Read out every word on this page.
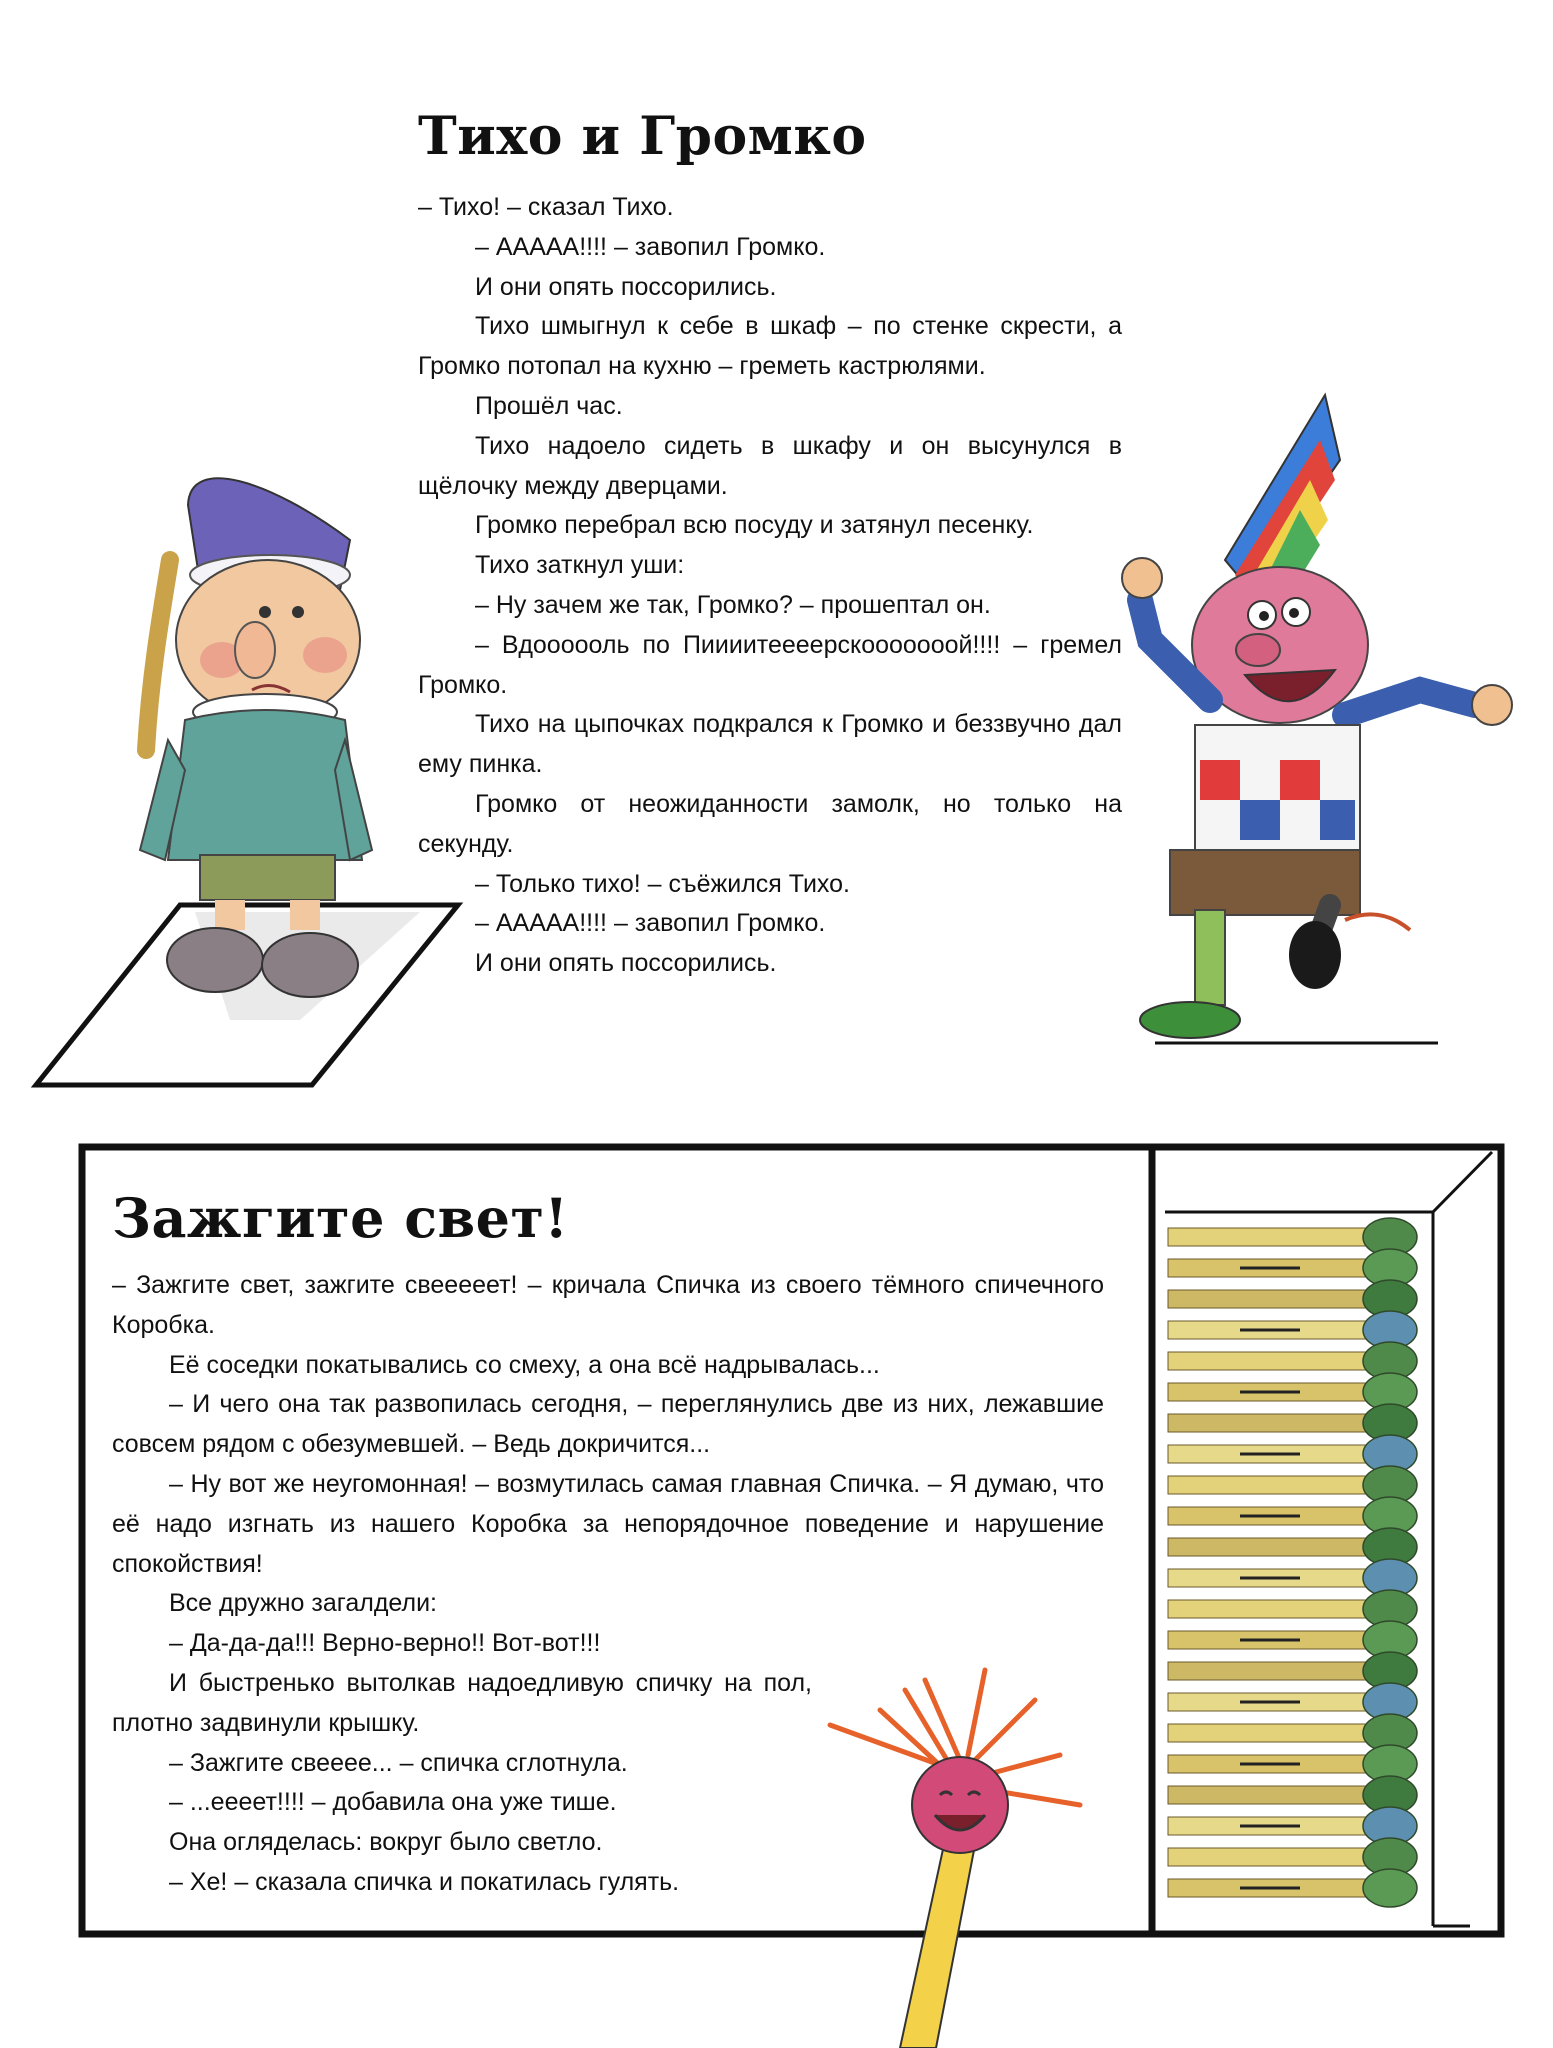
Тихо и Громко

– Тихо! – сказал Тихо.

– ААААА!!!! – завопил Громко.

И они опять поссорились.

Тихо шмыгнул к себе в шкаф – по стенке скрести, а Громко потопал на кухню – греметь кастрюлями.

Прошёл час.

Тихо надоело сидеть в шкафу и он высунулся в щёлочку между дверцами.

Громко перебрал всю посуду и затянул песенку.

Тихо заткнул уши:

– Ну зачем же так, Громко? – прошептал он.

– Вдоооооль по Пиииитееeерскооооооой!!!! – гремел Громко.

Тихо на цыпочках подкрался к Громко и беззвучно дал ему пинка.

Громко от неожиданности замолк, но только на секунду.

– Только тихо! – съёжился Тихо.

– ААААА!!!! – завопил Громко.

И они опять поссорились.

Зажгите свет!

– Зажгите свет, зажгите свееееет! – кричала Спичка из своего тёмного спичечного Коробка.

Её соседки покатывались со смеху, а она всё надрывалась...

– И чего она так развопилась сегодня, – переглянулись две из них, лежавшие совсем рядом с обезумевшей. – Ведь докричится...

– Ну вот же неугомонная! – возмутилась самая главная Спичка. – Я думаю, что её надо изгнать из нашего Коробка за непорядочное поведение и нарушение спокойствия!

Все дружно загалдели:

– Да-да-да!!! Верно-верно!! Вот-вот!!!

И быстренько вытолкав надоедливую спичку на пол, плотно задвинули крышку.

– Зажгите свееее... – спичка сглотнула.

– ...ееeет!!!! – добавила она уже тише.

Она огляделась: вокруг было светло.

– Хе! – сказала спичка и покатилась гулять.
